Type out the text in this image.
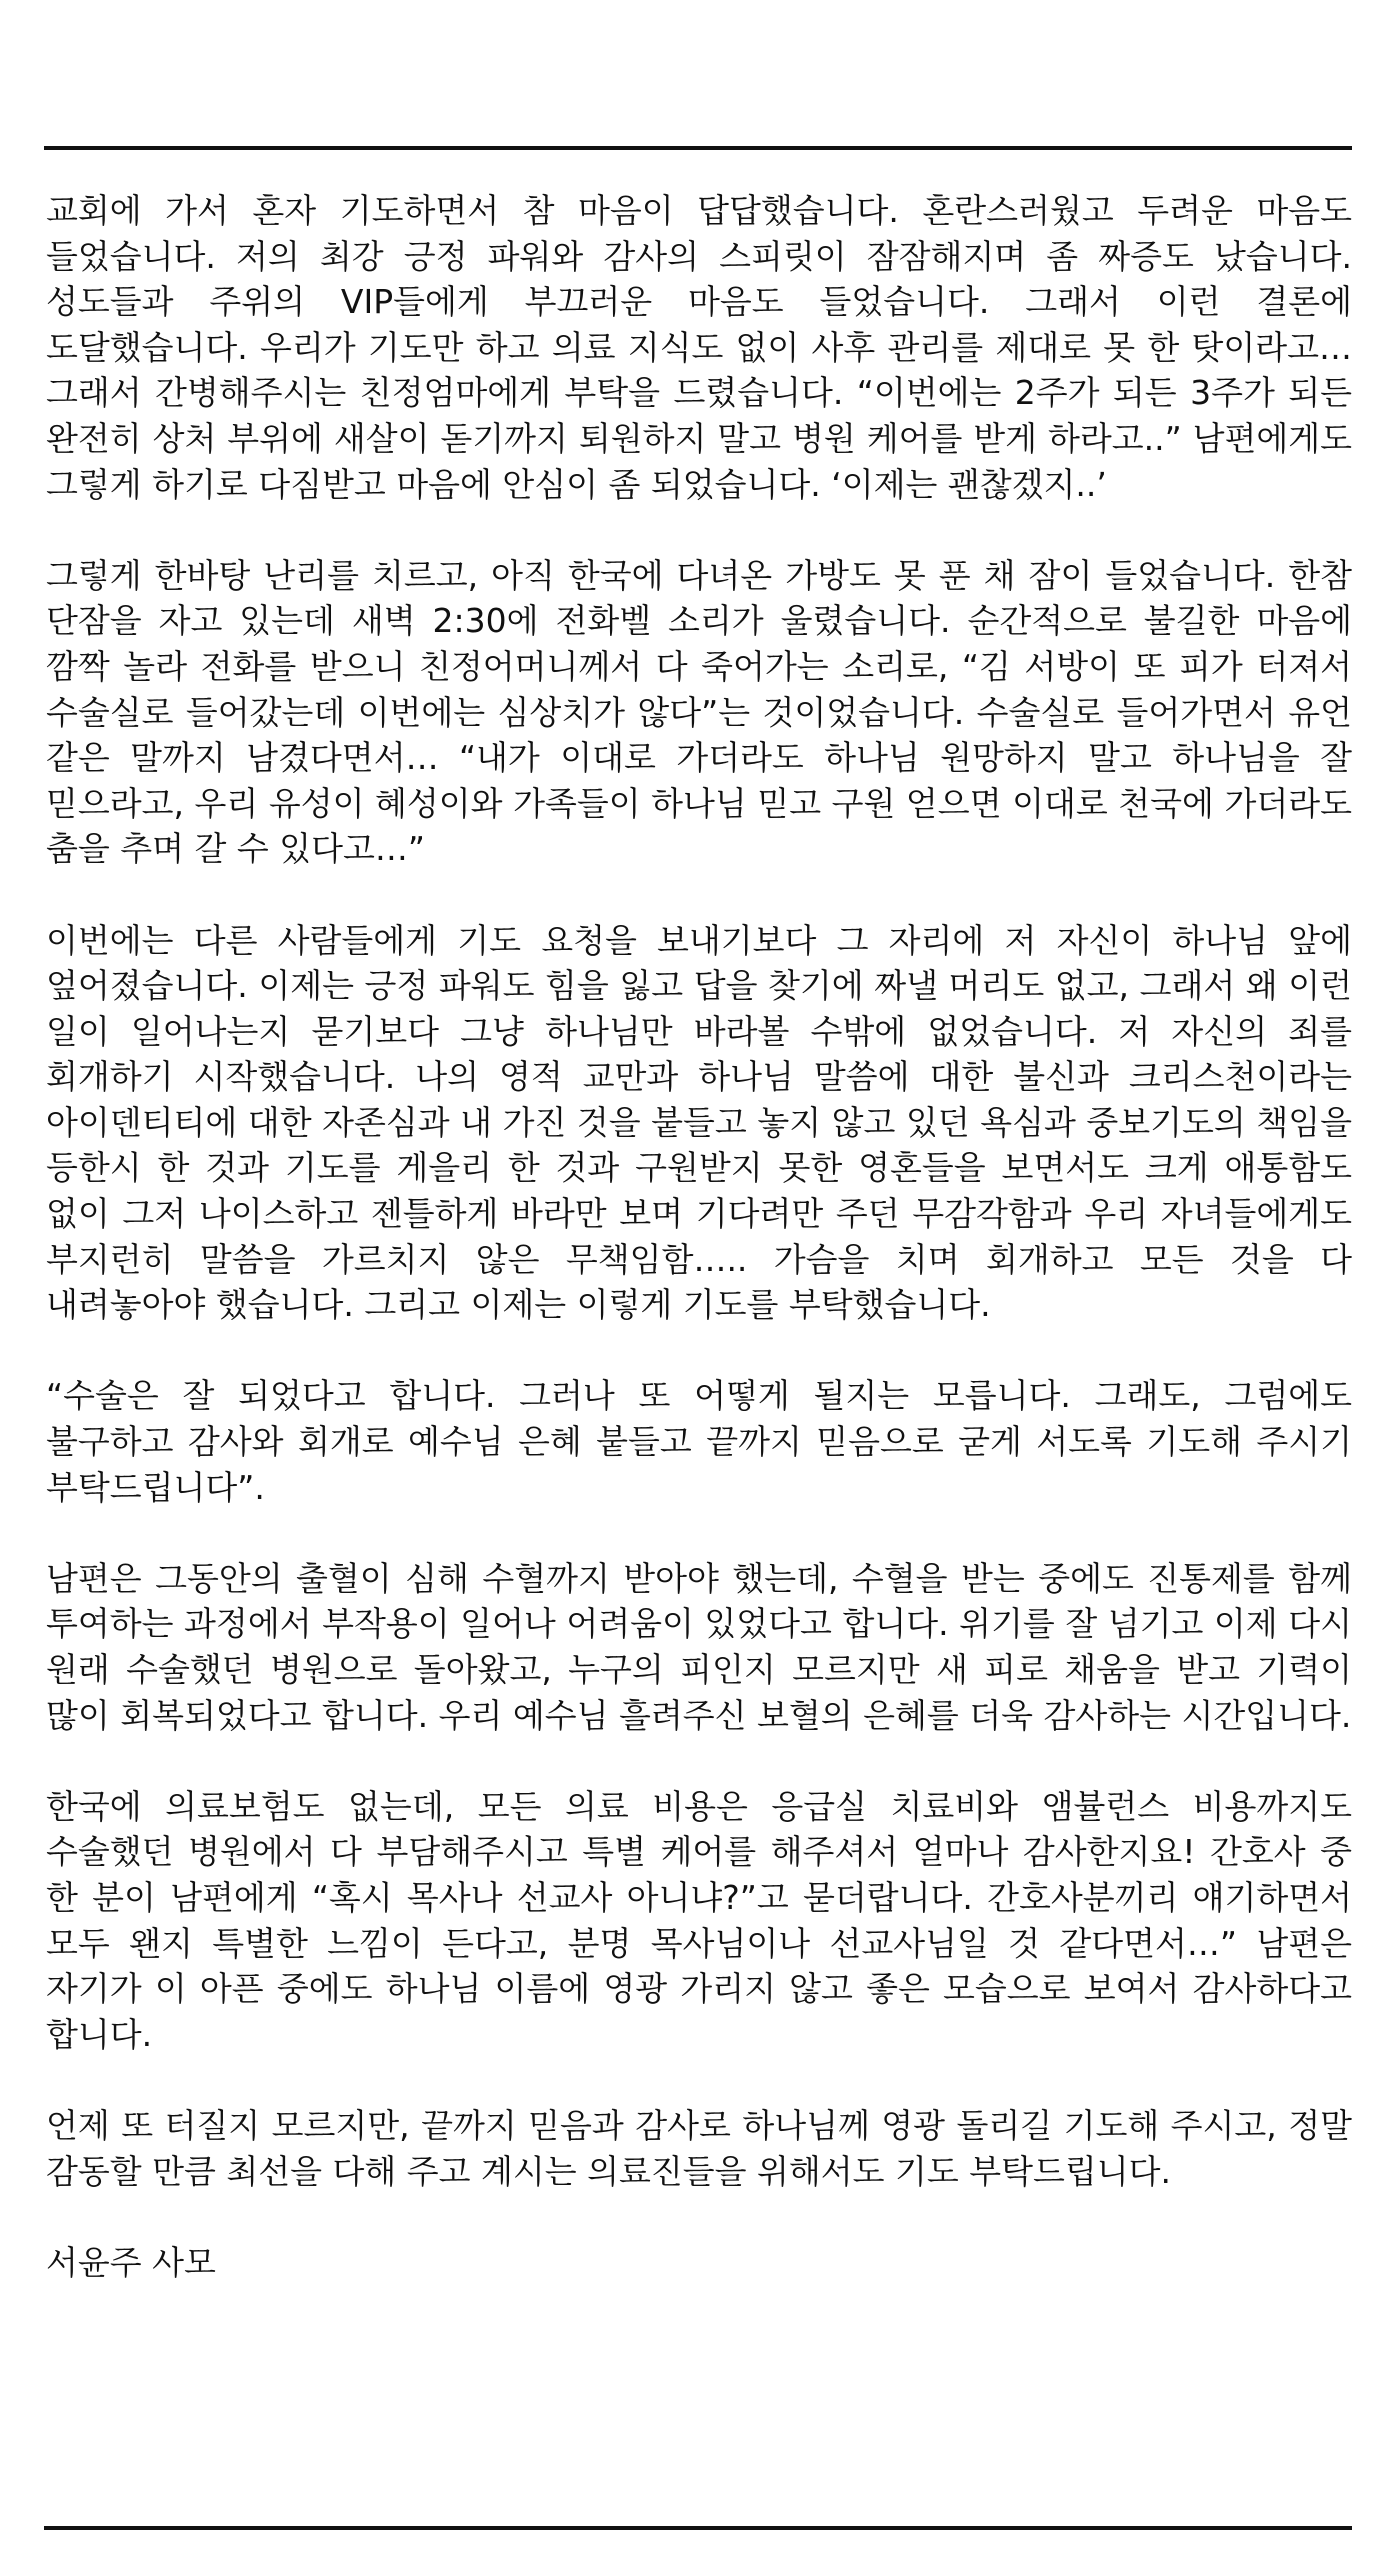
교회에 가서 혼자 기도하면서 참 마음이 답답했습니다. 혼란스러웠고 두려운 마음도 들었습니다. 저의 최강 긍정 파워와 감사의 스피릿이 잠잠해지며 좀 짜증도 났습니다. 성도들과 주위의 VIP들에게 부끄러운 마음도 들었습니다. 그래서 이런 결론에 도달했습니다. 우리가 기도만 하고 의료 지식도 없이 사후 관리를 제대로 못 한 탓이라고… 그래서 간병해주시는 친정엄마에게 부탁을 드렸습니다. “이번에는 2주가 되든 3주가 되든 완전히 상처 부위에 새살이 돋기까지 퇴원하지 말고 병원 케어를 받게 하라고..” 남편에게도 그렇게 하기로 다짐받고 마음에 안심이 좀 되었습니다. ‘이제는 괜찮겠지..’

그렇게 한바탕 난리를 치르고, 아직 한국에 다녀온 가방도 못 푼 채 잠이 들었습니다. 한참 단잠을 자고 있는데 새벽 2:30에 전화벨 소리가 울렸습니다. 순간적으로 불길한 마음에 깜짝 놀라 전화를 받으니 친정어머니께서 다 죽어가는 소리로, “김 서방이 또 피가 터져서 수술실로 들어갔는데 이번에는 심상치가 않다”는 것이었습니다. 수술실로 들어가면서 유언 같은 말까지 남겼다면서… “내가 이대로 가더라도 하나님 원망하지 말고 하나님을 잘 믿으라고, 우리 유성이 혜성이와 가족들이 하나님 믿고 구원 얻으면 이대로 천국에 가더라도 춤을 추며 갈 수 있다고…”

이번에는 다른 사람들에게 기도 요청을 보내기보다 그 자리에 저 자신이 하나님 앞에 엎어졌습니다. 이제는 긍정 파워도 힘을 잃고 답을 찾기에 짜낼 머리도 없고, 그래서 왜 이런 일이 일어나는지 묻기보다 그냥 하나님만 바라볼 수밖에 없었습니다. 저 자신의 죄를 회개하기 시작했습니다. 나의 영적 교만과 하나님 말씀에 대한 불신과 크리스천이라는 아이덴티티에 대한 자존심과 내 가진 것을 붙들고 놓지 않고 있던 욕심과 중보기도의 책임을 등한시 한 것과 기도를 게을리 한 것과 구원받지 못한 영혼들을 보면서도 크게 애통함도 없이 그저 나이스하고 젠틀하게 바라만 보며 기다려만 주던 무감각함과 우리 자녀들에게도 부지런히 말씀을 가르치지 않은 무책임함….. 가슴을 치며 회개하고 모든 것을 다 내려놓아야 했습니다. 그리고 이제는 이렇게 기도를 부탁했습니다.

“수술은 잘 되었다고 합니다. 그러나 또 어떻게 될지는 모릅니다. 그래도, 그럼에도 불구하고 감사와 회개로 예수님 은혜 붙들고 끝까지 믿음으로 굳게 서도록 기도해 주시기 부탁드립니다”.

남편은 그동안의 출혈이 심해 수혈까지 받아야 했는데, 수혈을 받는 중에도 진통제를 함께 투여하는 과정에서 부작용이 일어나 어려움이 있었다고 합니다. 위기를 잘 넘기고 이제 다시 원래 수술했던 병원으로 돌아왔고, 누구의 피인지 모르지만 새 피로 채움을 받고 기력이 많이 회복되었다고 합니다. 우리 예수님 흘려주신 보혈의 은혜를 더욱 감사하는 시간입니다.

한국에 의료보험도 없는데, 모든 의료 비용은 응급실 치료비와 앰뷸런스 비용까지도 수술했던 병원에서 다 부담해주시고 특별 케어를 해주셔서 얼마나 감사한지요! 간호사 중 한 분이 남편에게 “혹시 목사나 선교사 아니냐?”고 묻더랍니다. 간호사분끼리 얘기하면서 모두 왠지 특별한 느낌이 든다고, 분명 목사님이나 선교사님일 것 같다면서…” 남편은 자기가 이 아픈 중에도 하나님 이름에 영광 가리지 않고 좋은 모습으로 보여서 감사하다고 합니다.

언제 또 터질지 모르지만, 끝까지 믿음과 감사로 하나님께 영광 돌리길 기도해 주시고, 정말 감동할 만큼 최선을 다해 주고 계시는 의료진들을 위해서도 기도 부탁드립니다.

서윤주 사모
